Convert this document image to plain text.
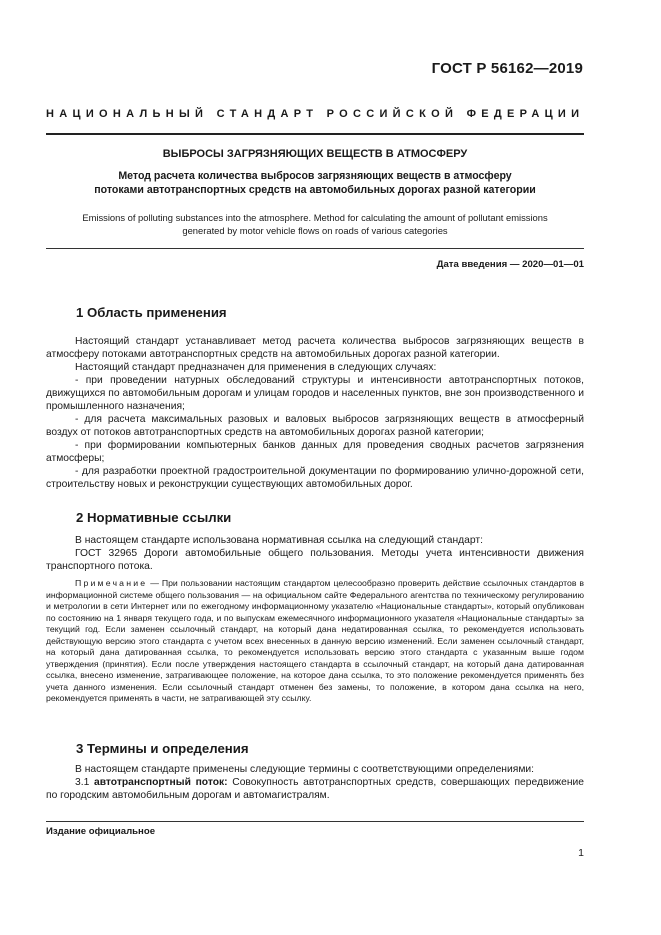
ГОСТ Р 56162—2019
НАЦИОНАЛЬНЫЙ СТАНДАРТ РОССИЙСКОЙ ФЕДЕРАЦИИ
ВЫБРОСЫ ЗАГРЯЗНЯЮЩИХ ВЕЩЕСТВ В АТМОСФЕРУ
Метод расчета количества выбросов загрязняющих веществ в атмосферу
потоками автотранспортных средств на автомобильных дорогах разной категории
Emissions of polluting substances into the atmosphere. Method for calculating the amount of pollutant emissions
generated by motor vehicle flows on roads of various categories
Дата введения — 2020—01—01
1 Область применения

Настоящий стандарт устанавливает метод расчета количества выбросов загрязняющих веществ в атмосферу потоками автотранспортных средств на автомобильных дорогах разной категории.

Настоящий стандарт предназначен для применения в следующих случаях:

- при проведении натурных обследований структуры и интенсивности автотранспортных потоков, движущихся по автомобильным дорогам и улицам городов и населенных пунктов, вне зон производственного и промышленного назначения;

- для расчета максимальных разовых и валовых выбросов загрязняющих веществ в атмосферный воздух от потоков автотранспортных средств на автомобильных дорогах разной категории;

- при формировании компьютерных банков данных для проведения сводных расчетов загрязнения атмосферы;

- для разработки проектной градостроительной документации по формированию улично-дорожной сети, строительству новых и реконструкции существующих автомобильных дорог.

2 Нормативные ссылки

В настоящем стандарте использована нормативная ссылка на следующий стандарт:

ГОСТ 32965 Дороги автомобильные общего пользования. Методы учета интенсивности движения транспортного потока.

Примечание — При пользовании настоящим стандартом целесообразно проверить действие ссылочных стандартов в информационной системе общего пользования — на официальном сайте Федерального агентства по техническому регулированию и метрологии в сети Интернет или по ежегодному информационному указателю «Национальные стандарты», который опубликован по состоянию на 1 января текущего года, и по выпускам ежемесячного информационного указателя «Национальные стандарты» за текущий год. Если заменен ссылочный стандарт, на который дана недатированная ссылка, то рекомендуется использовать действующую версию этого стандарта с учетом всех внесенных в данную версию изменений. Если заменен ссылочный стандарт, на который дана датированная ссылка, то рекомендуется использовать версию этого стандарта с указанным выше годом утверждения (принятия). Если после утверждения настоящего стандарта в ссылочный стандарт, на который дана датированная ссылка, внесено изменение, затрагивающее положение, на которое дана ссылка, то это положение рекомендуется применять без учета данного изменения. Если ссылочный стандарт отменен без замены, то положение, в котором дана ссылка на него, рекомендуется применять в части, не затрагивающей эту ссылку.

3 Термины и определения

В настоящем стандарте применены следующие термины с соответствующими определениями:

3.1 автотранспортный поток: Совокупность автотранспортных средств, совершающих передвижение по городским автомобильным дорогам и автомагистралям.

Издание официальное
1
